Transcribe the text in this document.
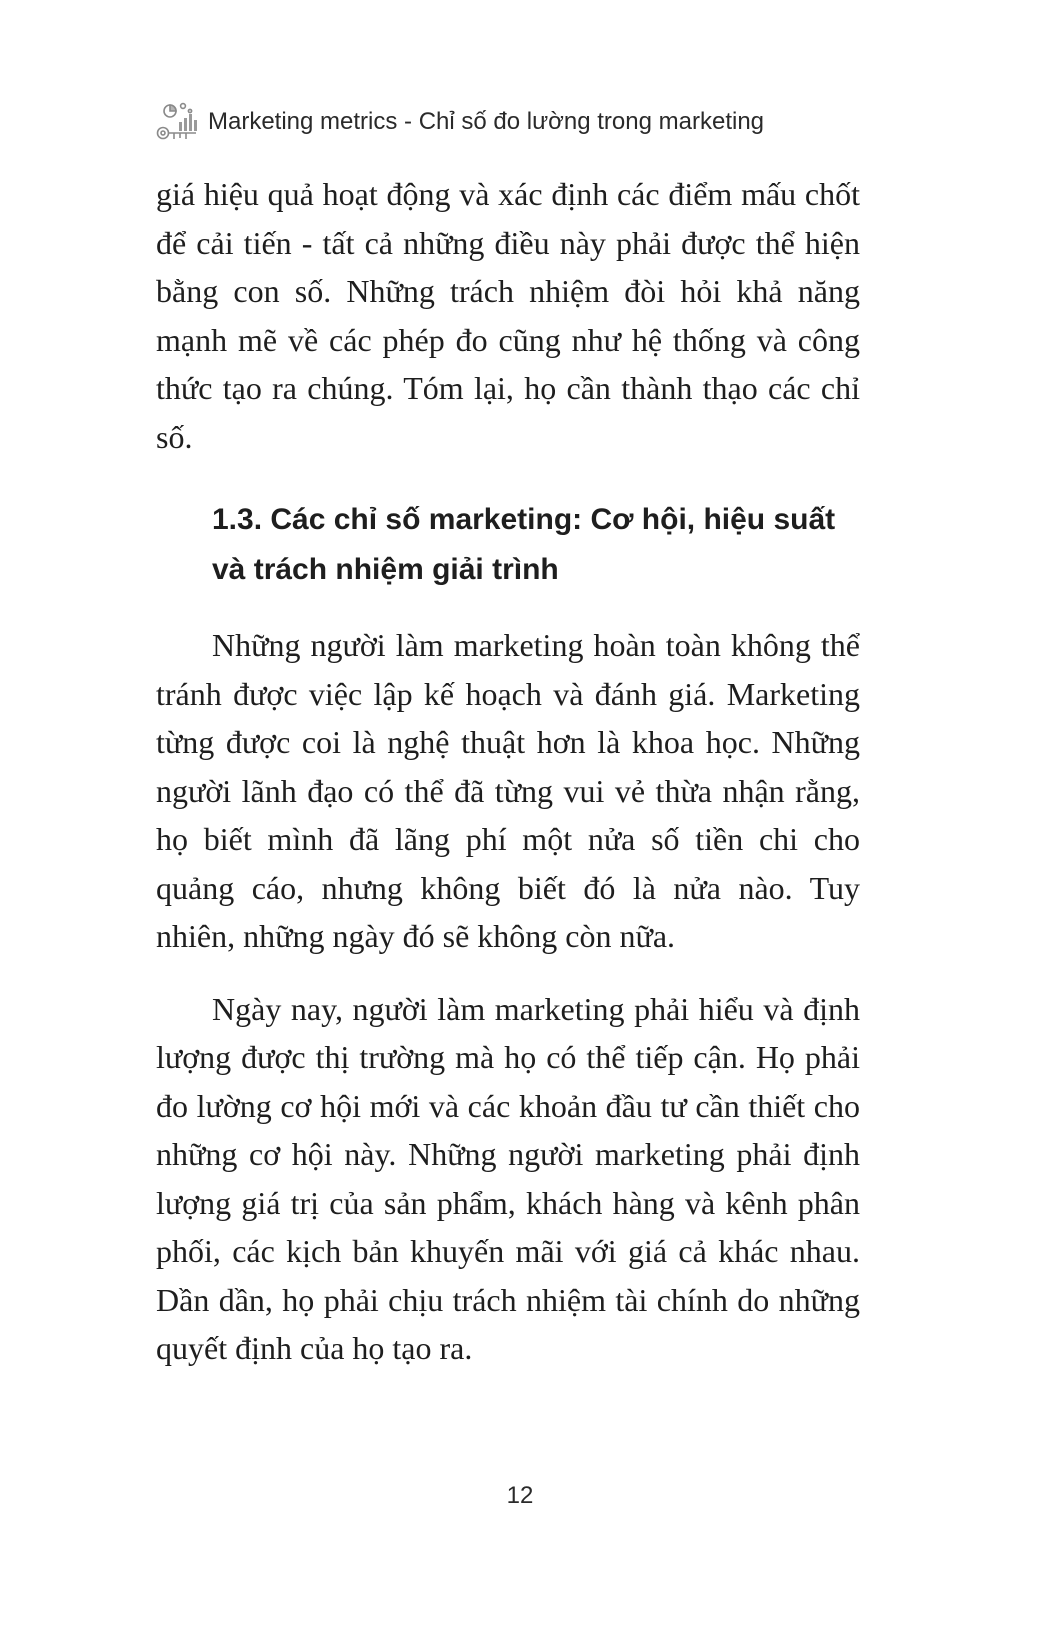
Marketing metrics - Chỉ số đo lường trong marketing

giá hiệu quả hoạt động và xác định các điểm mấu chốt để cải tiến - tất cả những điều này phải được thể hiện bằng con số. Những trách nhiệm đòi hỏi khả năng mạnh mẽ về các phép đo cũng như hệ thống và công thức tạo ra chúng. Tóm lại, họ cần thành thạo các chỉ số.

1.3. Các chỉ số marketing: Cơ hội, hiệu suất và trách nhiệm giải trình

Những người làm marketing hoàn toàn không thể tránh được việc lập kế hoạch và đánh giá. Marketing từng được coi là nghệ thuật hơn là khoa học. Những người lãnh đạo có thể đã từng vui vẻ thừa nhận rằng, họ biết mình đã lãng phí một nửa số tiền chi cho quảng cáo, nhưng không biết đó là nửa nào. Tuy nhiên, những ngày đó sẽ không còn nữa.

Ngày nay, người làm marketing phải hiểu và định lượng được thị trường mà họ có thể tiếp cận. Họ phải đo lường cơ hội mới và các khoản đầu tư cần thiết cho những cơ hội này. Những người marketing phải định lượng giá trị của sản phẩm, khách hàng và kênh phân phối, các kịch bản khuyến mãi với giá cả khác nhau. Dần dần, họ phải chịu trách nhiệm tài chính do những quyết định của họ tạo ra.

12
